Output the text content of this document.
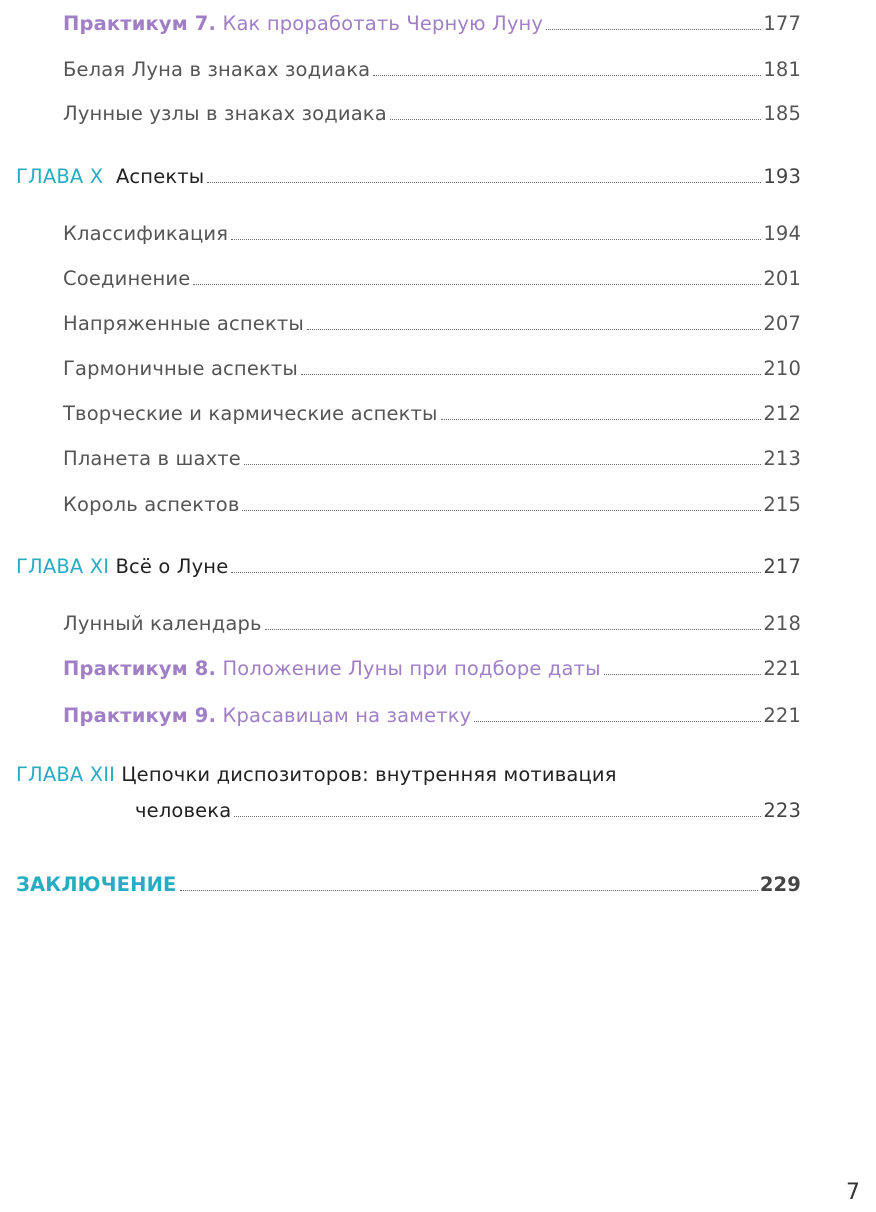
Практикум 7. Как проработать Черную Луну	177
Белая Луна в знаках зодиака	181
Лунные узлы в знаках зодиака	185
ГЛАВА X Аспекты	193
Классификация	194
Соединение	201
Напряженные аспекты	207
Гармоничные аспекты	210
Творческие и кармические аспекты	212
Планета в шахте	213
Король аспектов	215
ГЛАВА XI Всё о Луне	217
Лунный календарь	218
Практикум 8. Положение Луны при подборе даты	221
Практикум 9. Красавицам на заметку	221
ГЛАВА XII Цепочки диспозиторов: внутренняя мотивация
человека	223
ЗАКЛЮЧЕНИЕ	229
7
